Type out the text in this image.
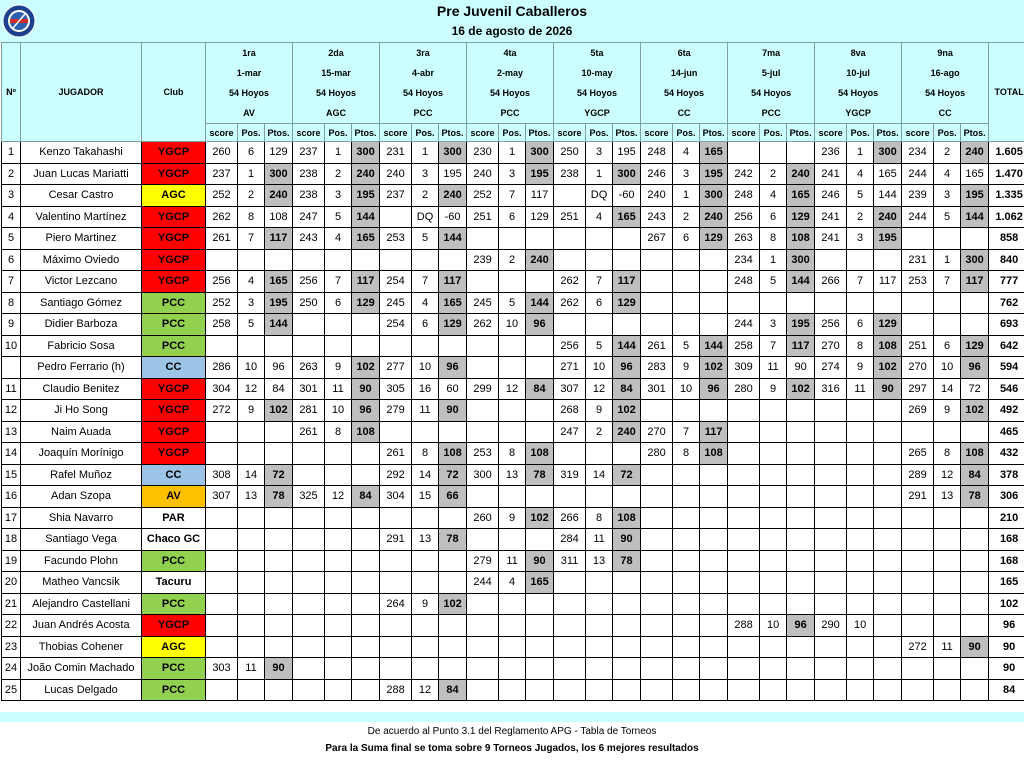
Pre Juvenil Caballeros
16 de agosto de 2026
Nº	JUGADOR	Club	1ra			2da			3ra			4ta			5ta			6ta			7ma			8va			9na			TOTAL
			1-mar			15-mar			4-abr			2-may			10-may			14-jun			5-jul			10-jul			16-ago			
			54 Hoyos			54 Hoyos			54 Hoyos			54 Hoyos			54 Hoyos			54 Hoyos			54 Hoyos			54 Hoyos			54 Hoyos			
			AV			AGC			PCC			PCC			YGCP			CC			PCC			YGCP			CC			
			score	Pos.	Ptos.	score	Pos.	Ptos.	score	Pos.	Ptos.	score	Pos.	Ptos.	score	Pos.	Ptos.	score	Pos.	Ptos.	score	Pos.	Ptos.	score	Pos.	Ptos.	score	Pos.	Ptos.	
1	Kenzo Takahashi	YGCP	260	6	129	237	1	300	231	1	300	230	1	300	250	3	195	248	4	165				236	1	300	234	2	240	1.605
2	Juan Lucas Mariatti	YGCP	237	1	300	238	2	240	240	3	195	240	3	195	238	1	300	246	3	195	242	2	240	241	4	165	244	4	165	1.470
3	Cesar Castro	AGC	252	2	240	238	3	195	237	2	240	252	7	117		DQ	-60	240	1	300	248	4	165	246	5	144	239	3	195	1.335
4	Valentino Martínez	YGCP	262	8	108	247	5	144		DQ	-60	251	6	129	251	4	165	243	2	240	256	6	129	241	2	240	244	5	144	1.062
5	Piero Martinez	YGCP	261	7	117	243	4	165	253	5	144							267	6	129	263	8	108	241	3	195				858
6	Máximo Oviedo	YGCP										239	2	240							234	1	300				231	1	300	840
7	Victor Lezcano	YGCP	256	4	165	256	7	117	254	7	117				262	7	117				248	5	144	266	7	117	253	7	117	777
8	Santiago Gómez	PCC	252	3	195	250	6	129	245	4	165	245	5	144	262	6	129													762
9	Didier Barboza	PCC	258	5	144				254	6	129	262	10	96							244	3	195	256	6	129				693
10	Fabricio Sosa	PCC													256	5	144	261	5	144	258	7	117	270	8	108	251	6	129	642
	Pedro Ferrario (h)	CC	286	10	96	263	9	102	277	10	96				271	10	96	283	9	102	309	11	90	274	9	102	270	10	96	594
11	Claudio Benitez	YGCP	304	12	84	301	11	90	305	16	60	299	12	84	307	12	84	301	10	96	280	9	102	316	11	90	297	14	72	546
12	Ji Ho Song	YGCP	272	9	102	281	10	96	279	11	90				268	9	102										269	9	102	492
13	Naim Auada	YGCP				261	8	108							247	2	240	270	7	117										465
14	Joaquín Morínigo	YGCP							261	8	108	253	8	108				280	8	108							265	8	108	432
15	Rafel Muñoz	CC	308	14	72				292	14	72	300	13	78	319	14	72										289	12	84	378
16	Adan Szopa	AV	307	13	78	325	12	84	304	15	66																291	13	78	306
17	Shia Navarro	PAR										260	9	102	266	8	108													210
18	Santiago Vega	Chaco GC							291	13	78				284	11	90													168
19	Facundo Plohn	PCC										279	11	90	311	13	78													168
20	Matheo Vancsik	Tacuru										244	4	165																165
21	Alejandro Castellani	PCC							264	9	102																			102
22	Juan Andrés Acosta	YGCP																			288	10	96	290	10					96
23	Thobias Cohener	AGC																									272	11	90	90
24	João Comin Machado	PCC	303	11	90																									90
25	Lucas Delgado	PCC							288	12	84																			84
De acuerdo al Punto 3.1 del Reglamento APG - Tabla de Torneos
Para la Suma final se toma sobre 9 Torneos Jugados, los 6 mejores resultados
